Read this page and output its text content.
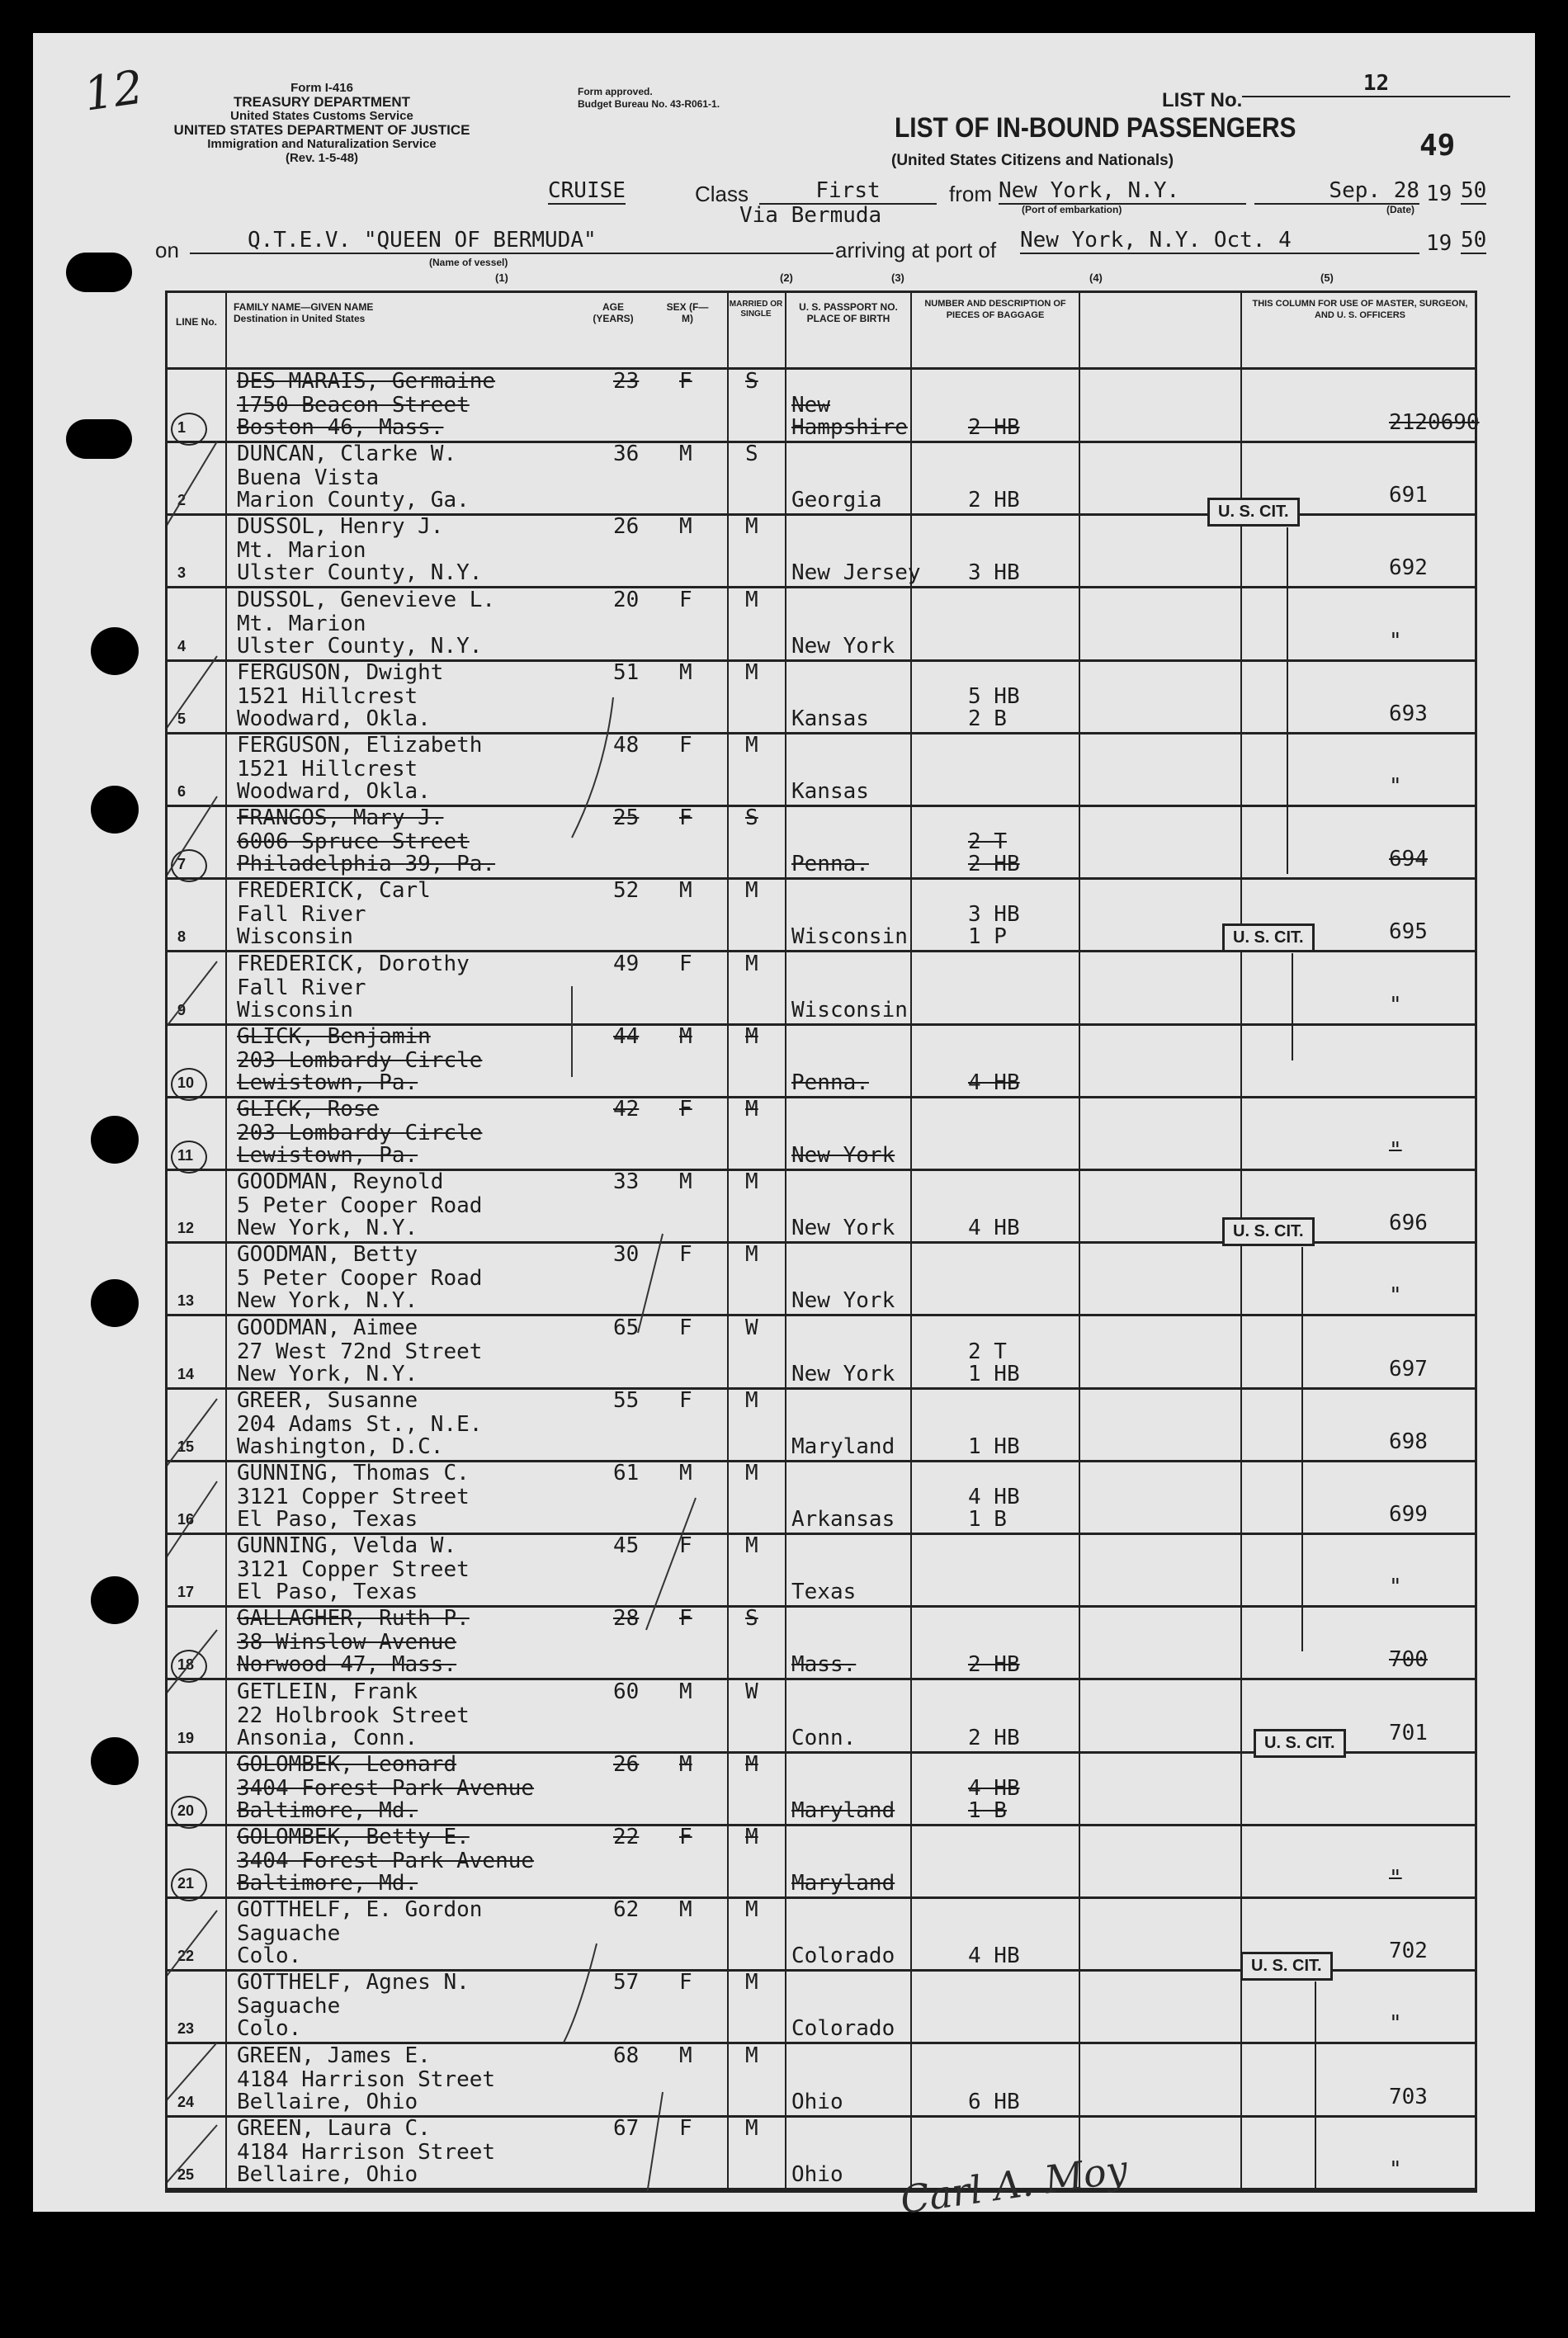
12	Form I-416
TREASURY DEPARTMENT
United States Customs Service
UNITED STATES DEPARTMENT OF JUSTICE
Immigration and Naturalization Service
(Rev. 1-5-48)
Form approved.
Budget Bureau No. 43-R061-1.	LIST No.
12
49
LIST OF IN-BOUND PASSENGERS
(United States Citizens and Nationals)
CRUISE	Class	First	from New York, N.Y.	Sep. 28 19 50
Via Bermuda	(Port of embarkation)	(Date)
on	Q.T.E.V. "QUEEN OF BERMUDA"
(Name of vessel)	arriving at port of New York, N.Y. Oct. 4	19 50
(1)	(2)	(3)	(4)	(5)
LINE No.
FAMILY NAME—GIVEN NAME Destination in United States
AGE (YEARS)
SEX (F—M)
MARRIED OR SINGLE
U. S. PASSPORT NO. PLACE OF BIRTH
NUMBER AND DESCRIPTION OF PIECES OF BAGGAGE
THIS COLUMN FOR USE OF MASTER, SURGEON, AND U. S. OFFICERS
1
DES MARAIS, Germaine
1750 Beacon Street
Boston 46, Mass.
23 F S
New
Hampshire	2 HB	2120690
2
DUNCAN, Clarke W.
Buena Vista
Marion County, Ga.
36 M S
Georgia	2 HB	691
3
DUSSOL, Henry J.
Mt. Marion
Ulster County, N.Y.
26 M M
New Jersey 3 HB	692
4
DUSSOL, Genevieve L.
Mt. Marion
Ulster County, N.Y.
20 F M
New York	"
5
FERGUSON, Dwight
1521 Hillcrest
Woodward, Okla.
51 M M
Kansas
5 HB
2 B	693
6
FERGUSON, Elizabeth
1521 Hillcrest
Woodward, Okla.
48 F M
Kansas	"
7
FRANGOS, Mary J.
6006 Spruce Street
Philadelphia 39, Pa.
25 F S
Penna.
2 T
2 HB	694
8
FREDERICK, Carl
Fall River
Wisconsin
52 M M
Wisconsin
3 HB
1 P	695
9
FREDERICK, Dorothy
Fall River
Wisconsin
49 F M
Wisconsin	"
10
GLICK, Benjamin
203 Lombardy Circle
Lewistown, Pa.
44 M M
Penna.	4 HB
11
GLICK, Rose
203 Lombardy Circle
Lewistown, Pa.
42 F M
New York	"
12
GOODMAN, Reynold
5 Peter Cooper Road
New York, N.Y.
33 M M
New York	4 HB	696
13
GOODMAN, Betty
5 Peter Cooper Road
New York, N.Y.
30 F M
New York	"
14
GOODMAN, Aimee
27 West 72nd Street
New York, N.Y.
65 F W
New York
2 T
1 HB	697
15
GREER, Susanne
204 Adams St., N.E.
Washington, D.C.
55 F M
Maryland	1 HB	698
16
GUNNING, Thomas C.
3121 Copper Street
El Paso, Texas
61 M M
Arkansas
4 HB
1 B	699
17
GUNNING, Velda W.
3121 Copper Street
El Paso, Texas
45 F M
Texas	"
18
GALLAGHER, Ruth P.
38 Winslow Avenue
Norwood 47, Mass.
28 F S
Mass.	2 HB	700
19
GETLEIN, Frank
22 Holbrook Street
Ansonia, Conn.
60 M W
Conn.	2 HB	701
20
GOLOMBEK, Leonard
3404 Forest Park Avenue
Baltimore, Md.
26 M M
Maryland
4 HB
1 B
21
GOLOMBEK, Betty E.
3404 Forest Park Avenue
Baltimore, Md.
22 F M
Maryland	"
22
GOTTHELF, E. Gordon
Saguache
Colo.
62 M M
Colorado	4 HB	702
23
GOTTHELF, Agnes N.
Saguache
Colo.
57 F M
Colorado	"
24
GREEN, James E.
4184 Harrison Street
Bellaire, Ohio
68 M M
Ohio	6 HB	703
25
GREEN, Laura C.
4184 Harrison Street
Bellaire, Ohio
67 F M
Ohio	"
U. S. CIT.
U. S. CIT.
U. S. CIT.
U. S. CIT.
U. S. CIT.
Carl A. Moy
